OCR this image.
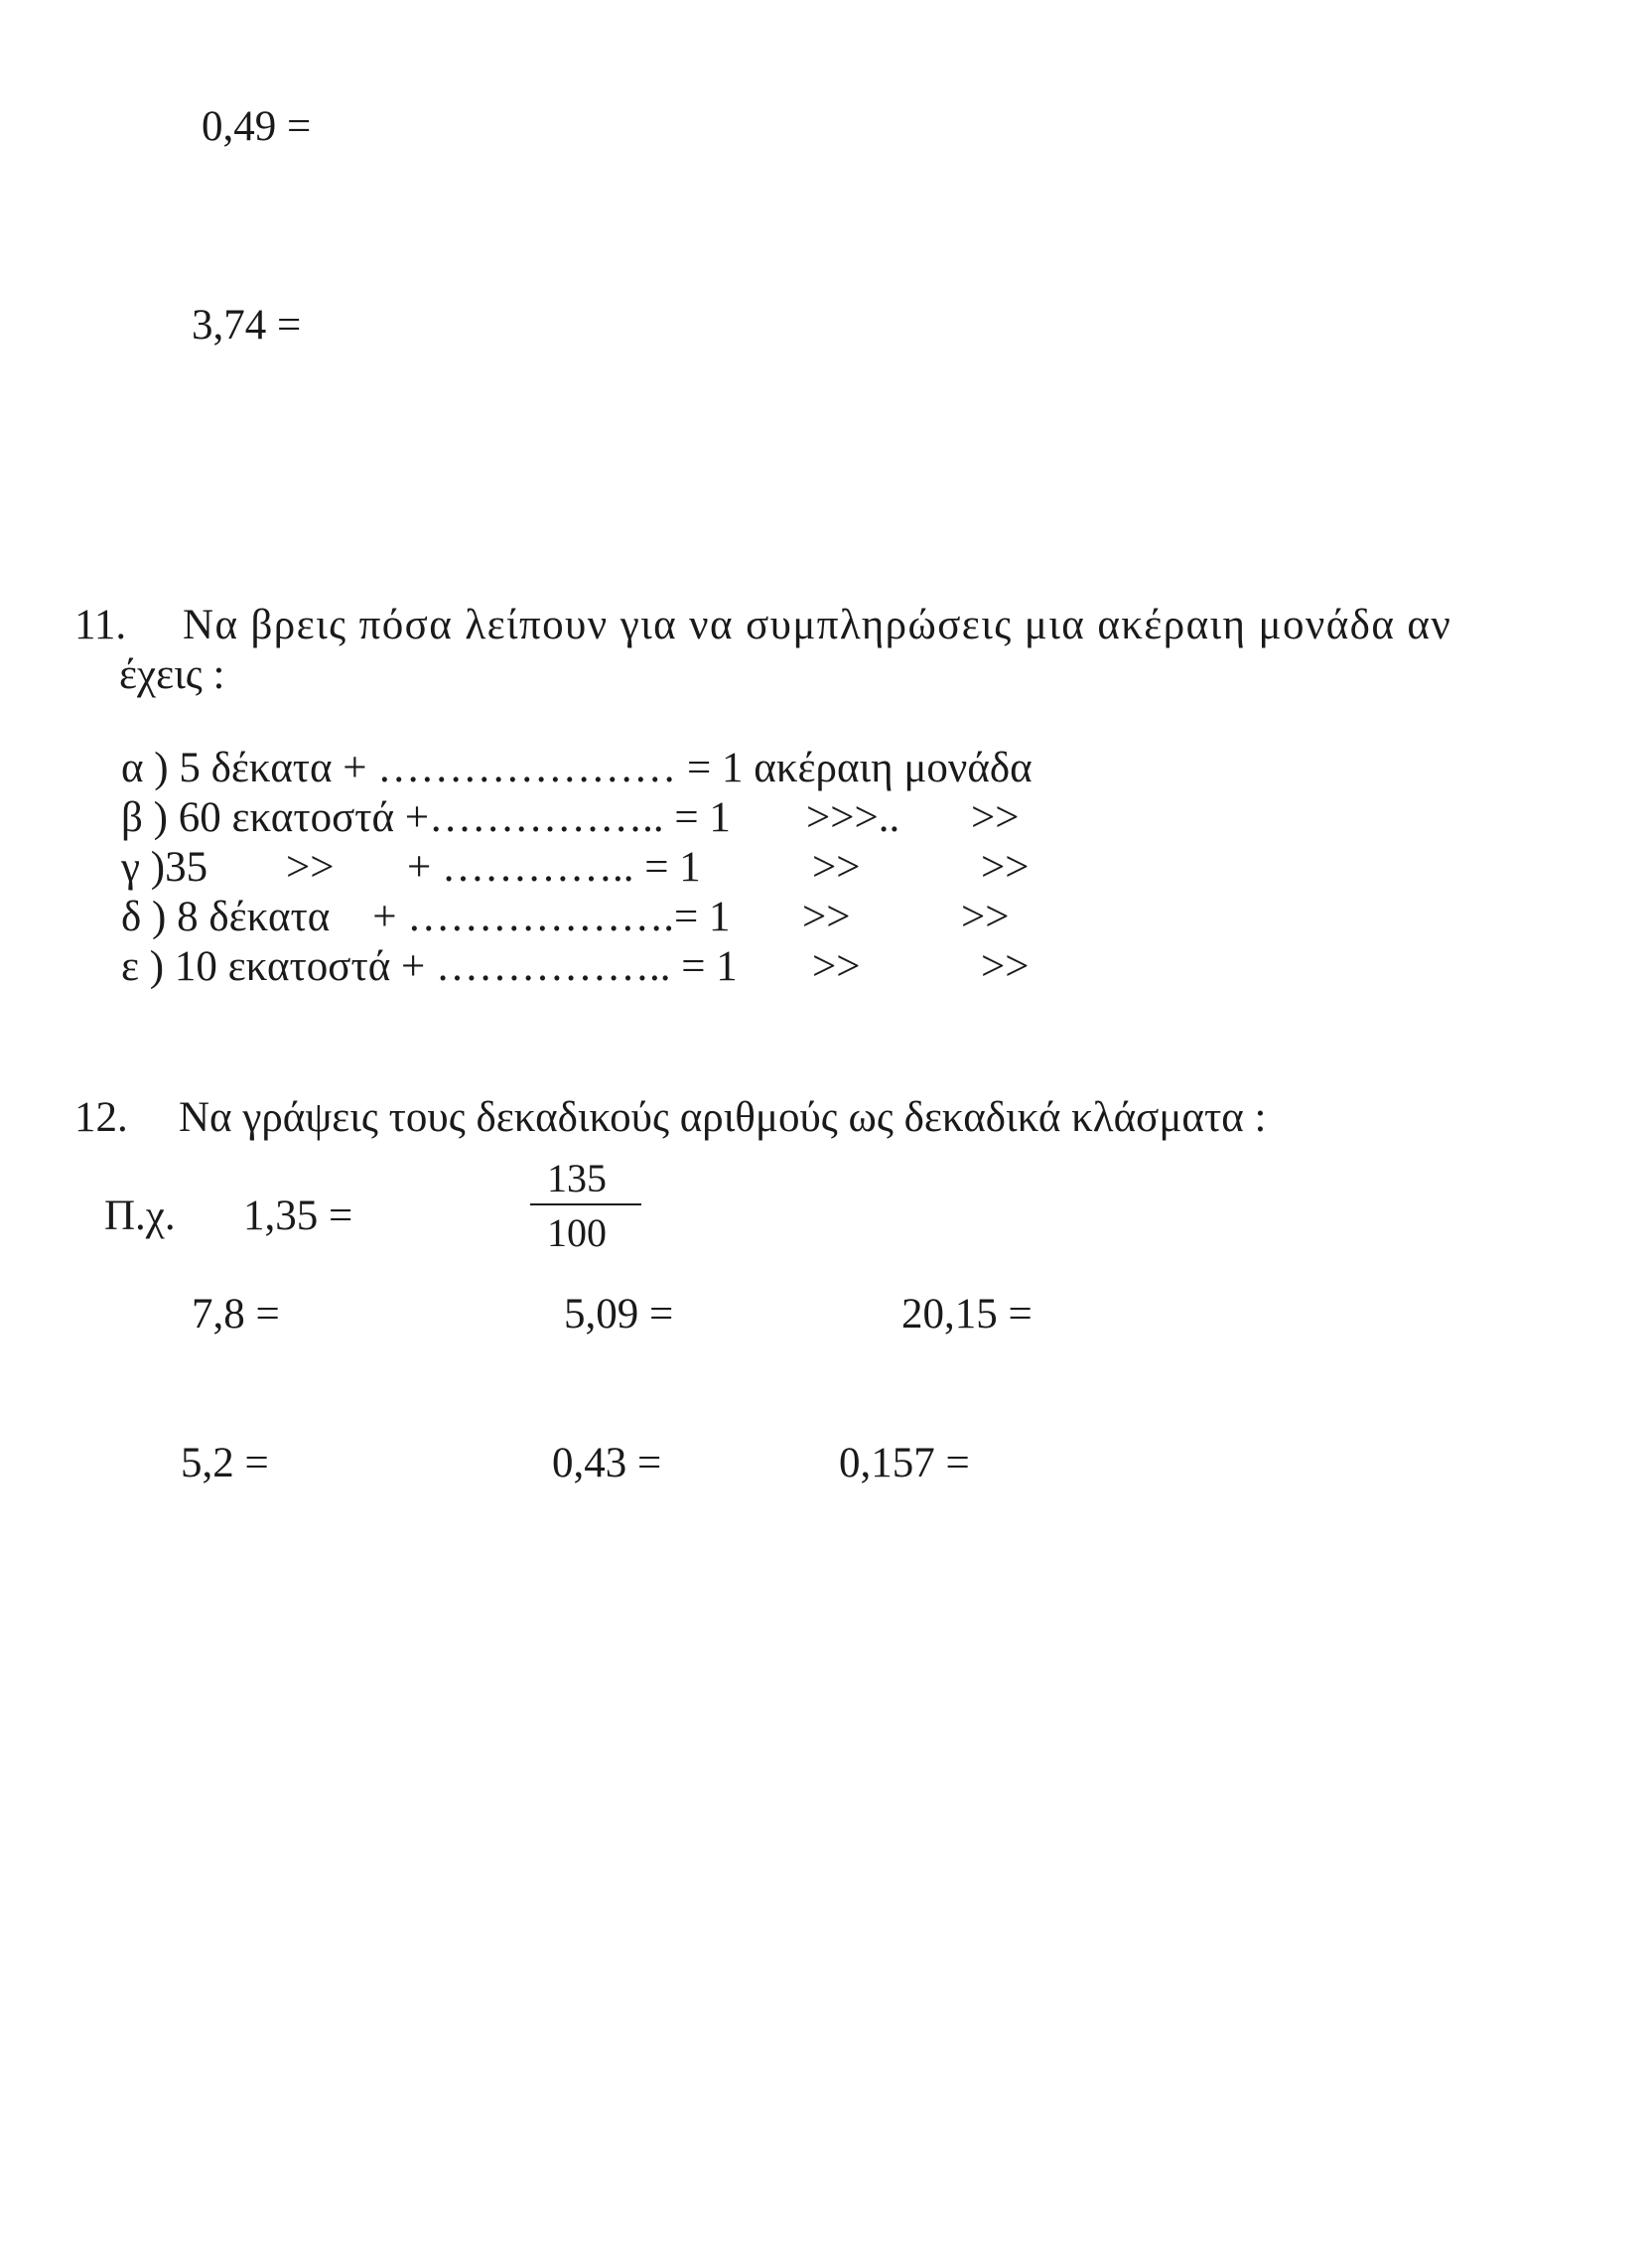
0,49 =
3,74 =
11. Να βρεις πόσα λείπουν για να συμπληρώσεις μια ακέραιη μονάδα αν
έχεις :
α ) 5 δέκατα + ………………… = 1 ακέραιη μονάδα
β ) 60 εκατοστά +…………….. = 1 >>>.. >>
γ )35 >> + ………….. = 1	>>	>>
δ ) 8 δέκατα    + ……………….= 1 >>	>>
ε ) 10 εκατοστά + …………….. = 1 >>	>>
12. Να γράψεις τους δεκαδικούς αριθμούς ως δεκαδικά κλάσματα :
Π.χ. 1,35 =
135
100
7,8 =	5,09 =	20,15 =
5,2 =	0,43 =	0,157 =
